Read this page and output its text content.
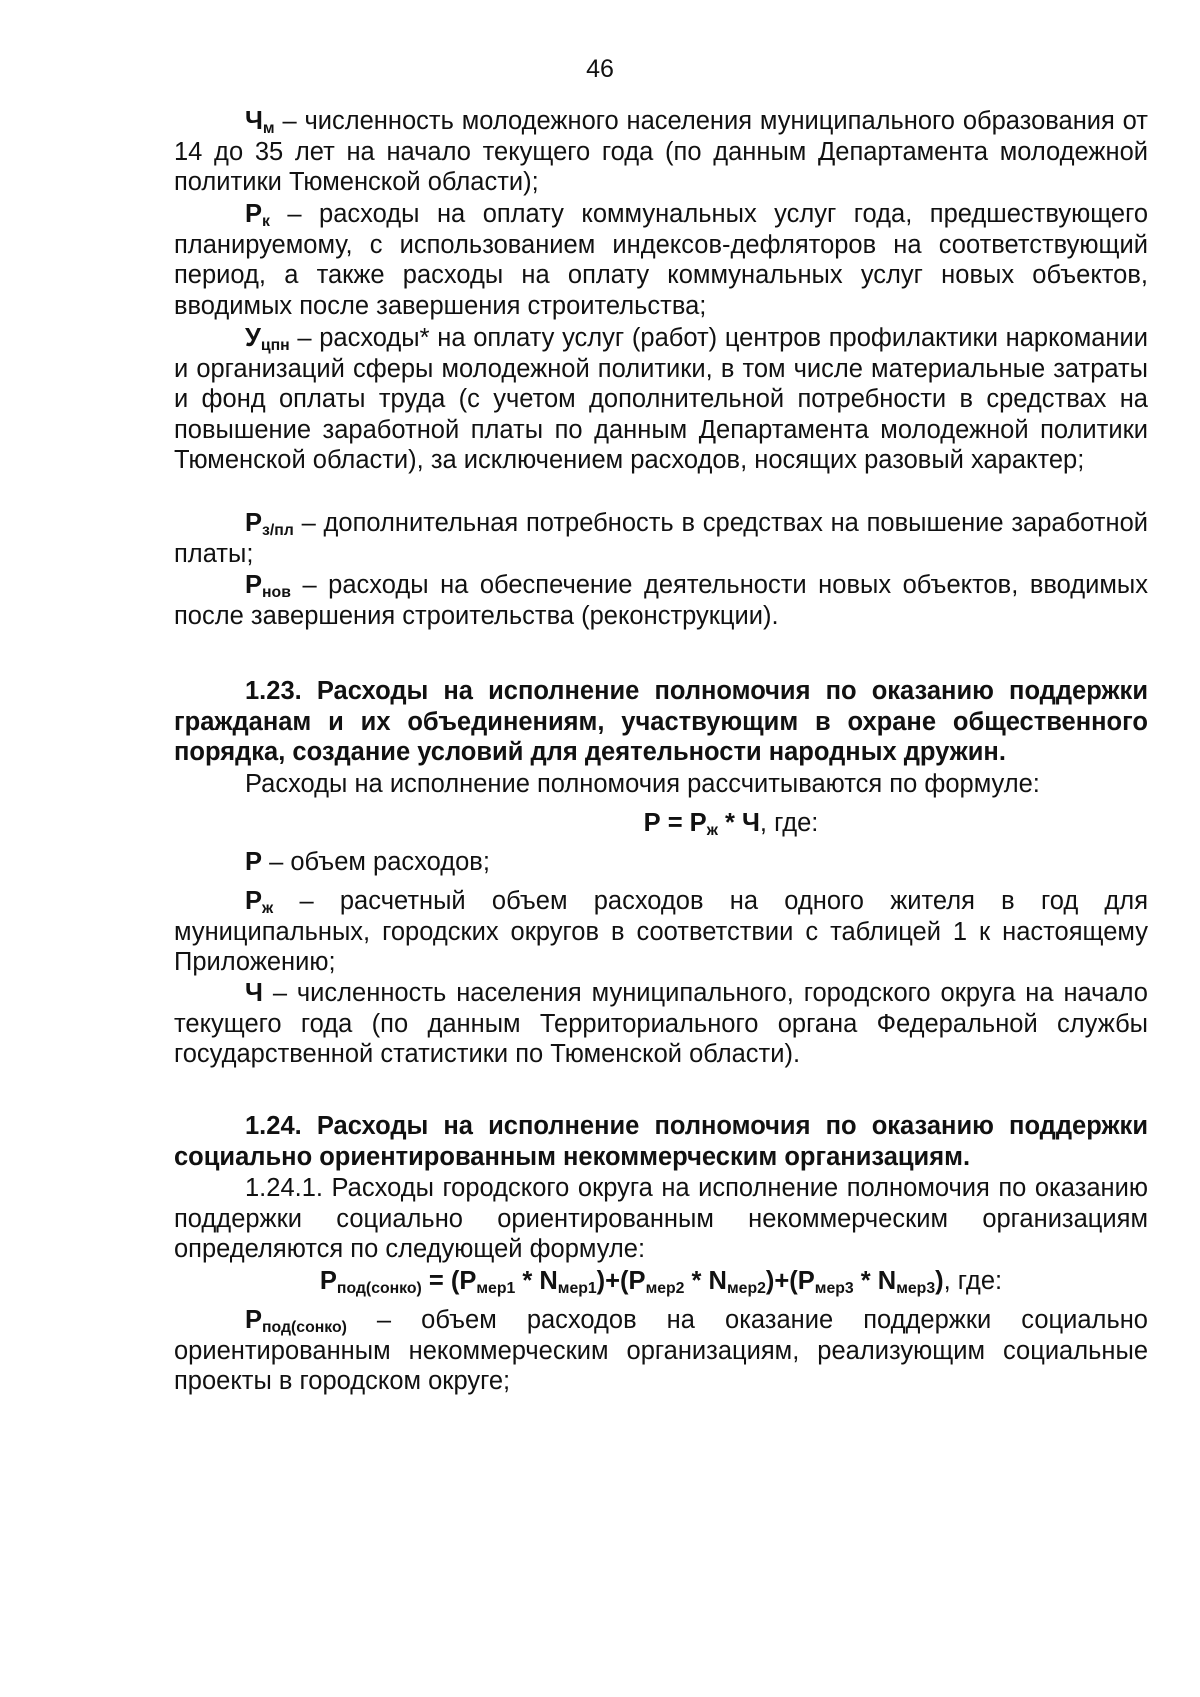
46

$Ч_м$ – численность молодежного населения муниципального образования от 14 до 35 лет на начало текущего года (по данным Департамента молодежной политики Тюменской области);

$Р_к$ – расходы на оплату коммунальных услуг года, предшествующего планируемому, с использованием индексов-дефляторов на соответствующий период, а также расходы на оплату коммунальных услуг новых объектов, вводимых после завершения строительства;

$У_{цпн}$ – расходы* на оплату услуг (работ) центров профилактики наркомании и организаций сферы молодежной политики, в том числе материальные затраты и фонд оплаты труда (с учетом дополнительной потребности в средствах на повышение заработной платы по данным Департамента молодежной политики Тюменской области), за исключением расходов, носящих разовый характер;

$Р_{з/пл}$ – дополнительная потребность в средствах на повышение заработной платы;

$Р_{нов}$ – расходы на обеспечение деятельности новых объектов, вводимых после завершения строительства (реконструкции).

1.23. Расходы на исполнение полномочия по оказанию поддержки гражданам и их объединениям, участвующим в охране общественного порядка, создание условий для деятельности народных дружин.

Расходы на исполнение полномочия рассчитываются по формуле:

$Р = Р_ж * Ч$, где:

Р – объем расходов;

$Р_ж$ – расчетный объем расходов на одного жителя в год для муниципальных, городских округов в соответствии с таблицей 1 к настоящему Приложению;

Ч – численность населения муниципального, городского округа на начало текущего года (по данным Территориального органа Федеральной службы государственной статистики по Тюменской области).

1.24. Расходы на исполнение полномочия по оказанию поддержки социально ориентированным некоммерческим организациям.

1.24.1. Расходы городского округа на исполнение полномочия по оказанию поддержки социально ориентированным некоммерческим организациям определяются по следующей формуле:

$Р_{под(сонко)} = (Р_{мер1} * N_{мер1})+(Р_{мер2} * N_{мер2})+(Р_{мер3} * N_{мер3})$, где:

$Р_{под(сонко)}$ – объем расходов на оказание поддержки социально ориентированным некоммерческим организациям, реализующим социальные проекты в городском округе;
